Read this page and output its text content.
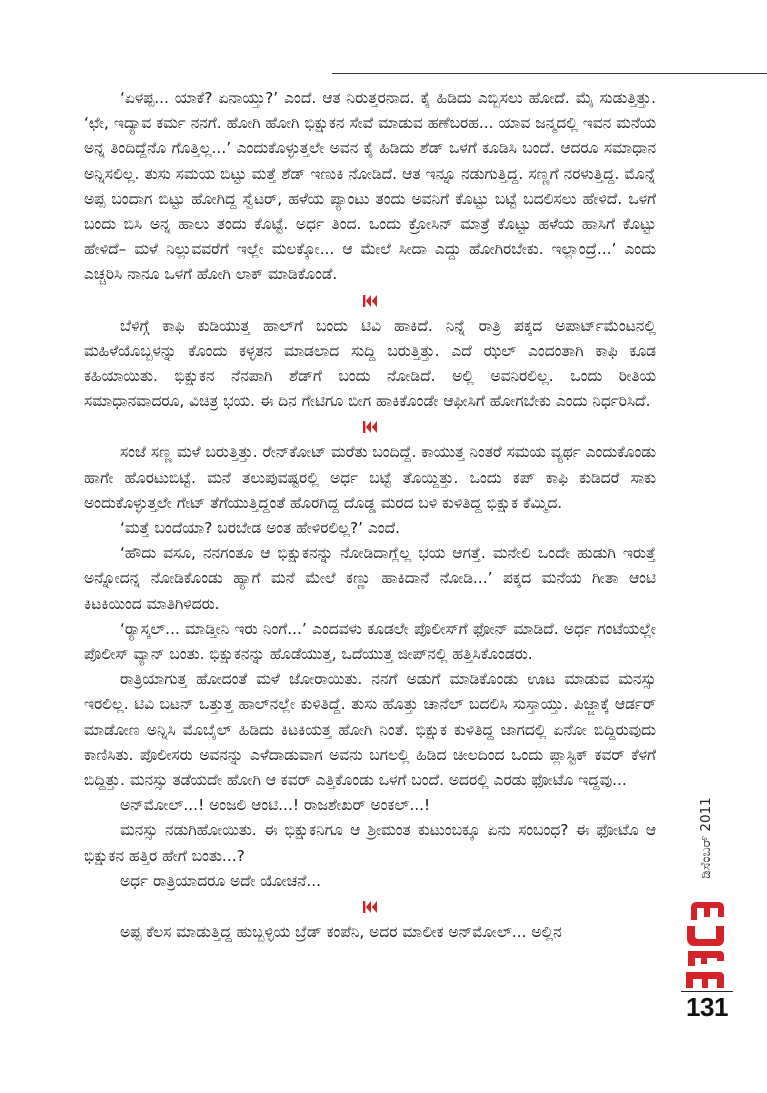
‘ಏಳಪ್ಪ... ಯಾಕೆ? ಏನಾಯ್ತು?’ ಎಂದೆ. ಆತ ನಿರುತ್ತರನಾದ. ಕೈ ಹಿಡಿದು ಎಬ್ಬಿಸಲು ಹೋದೆ. ಮೈ ಸುಡುತ್ತಿತ್ತು. ‘ಛೇ, ಇದ್ಯಾವ ಕರ್ಮ ನನಗೆ. ಹೋಗಿ ಹೋಗಿ ಭಿಕ್ಷುಕನ ಸೇವೆ ಮಾಡುವ ಹಣೆಬರಹ... ಯಾವ ಜನ್ಮದಲ್ಲಿ ಇವನ ಮನೆಯ ಅನ್ನ ತಿಂದಿದ್ದೆನೊ ಗೊತ್ತಿಲ್ಲ...’ ಎಂದುಕೊಳ್ಳುತ್ತಲೇ ಅವನ ಕೈ ಹಿಡಿದು ಶೆಡ್ ಒಳಗೆ ಕೂಡಿಸಿ ಬಂದೆ. ಆದರೂ ಸಮಾಧಾನ ಅನ್ನಿಸಲಿಲ್ಲ. ತುಸು ಸಮಯ ಬಿಟ್ಟು ಮತ್ತೆ ಶೆಡ್ ಇಣುಕಿ ನೋಡಿದೆ. ಆತ ಇನ್ನೂ ನಡುಗುತ್ತಿದ್ದ. ಸಣ್ಣಗೆ ನರಳುತ್ತಿದ್ದ. ಮೊನ್ನೆ ಅಪ್ಪ ಬಂದಾಗ ಬಿಟ್ಟು ಹೋಗಿದ್ದ ಸ್ವೆಟರ್, ಹಳೆಯ ಪ್ಯಾಂಟು ತಂದು ಅವನಿಗೆ ಕೊಟ್ಟು ಬಟ್ಟೆ ಬದಲಿಸಲು ಹೇಳಿದೆ. ಒಳಗೆ ಬಂದು ಬಿಸಿ ಅನ್ನ ಹಾಲು ತಂದು ಕೊಟ್ಟೆ. ಅರ್ಧ ತಿಂದ. ಒಂದು ಕ್ರೋಸಿನ್ ಮಾತ್ರೆ ಕೊಟ್ಟು ಹಳೆಯ ಹಾಸಿಗೆ ಕೊಟ್ಟು ಹೇಳಿದೆ– ಮಳೆ ನಿಲ್ಲುವವರೆಗೆ ಇಲ್ಲೇ ಮಲಕ್ಕೋ... ಆ ಮೇಲೆ ಸೀದಾ ಎದ್ದು ಹೋಗಿರಬೇಕು. ಇಲ್ಲಾಂದ್ರೆ...’ ಎಂದು ಎಚ್ಚರಿಸಿ ನಾನೂ ಒಳಗೆ ಹೋಗಿ ಲಾಕ್ ಮಾಡಿಕೊಂಡೆ.

ಬೆಳಿಗ್ಗೆ ಕಾಫಿ ಕುಡಿಯುತ್ತ ಹಾಲ್‌ಗೆ ಬಂದು ಟಿವಿ ಹಾಕಿದೆ. ನಿನ್ನೆ ರಾತ್ರಿ ಪಕ್ಕದ ಅಪಾರ್ಟ್‌ಮೆಂಟನಲ್ಲಿ ಮಹಿಳೆಯೊಬ್ಬಳನ್ನು ಕೊಂದು ಕಳ್ಳತನ ಮಾಡಲಾದ ಸುದ್ದಿ ಬರುತ್ತಿತ್ತು. ಎದೆ ಝಲ್ ಎಂದಂತಾಗಿ ಕಾಫಿ ಕೂಡ ಕಹಿಯಾಯಿತು. ಭಿಕ್ಷುಕನ ನೆನಪಾಗಿ ಶೆಡ್‌ಗೆ ಬಂದು ನೋಡಿದೆ. ಅಲ್ಲಿ ಅವನಿರಲಿಲ್ಲ. ಒಂದು ರೀತಿಯ ಸಮಾಧಾನವಾದರೂ, ವಿಚಿತ್ರ ಭಯ. ಈ ದಿನ ಗೇಟಿಗೂ ಬೀಗ ಹಾಕಿಕೊಂಡೇ ಆಫೀಸಿಗೆ ಹೋಗಬೇಕು ಎಂದು ನಿರ್ಧರಿಸಿದೆ.

ಸಂಜೆ ಸಣ್ಣ ಮಳೆ ಬರುತ್ತಿತ್ತು. ರೇನ್‌ಕೋಟ್ ಮರೆತು ಬಂದಿದ್ದೆ. ಕಾಯುತ್ತ ನಿಂತರೆ ಸಮಯ ವ್ಯರ್ಥ ಎಂದುಕೊಂಡು ಹಾಗೇ ಹೊರಟುಬಿಟ್ಟೆ. ಮನೆ ತಲುಪುವಷ್ಟರಲ್ಲಿ ಅರ್ಧ ಬಟ್ಟೆ ತೊಯ್ದಿತ್ತು. ಒಂದು ಕಪ್ ಕಾಫಿ ಕುಡಿದರೆ ಸಾಕು ಅಂದುಕೊಳ್ಳುತ್ತಲೇ ಗೇಟ್ ತೆಗೆಯುತ್ತಿದ್ದಂತೆ ಹೊರಗಿದ್ದ ದೊಡ್ಡ ಮರದ ಬಳಿ ಕುಳಿತಿದ್ದ ಭಿಕ್ಷುಕ ಕೆಮ್ಮಿದ.

‘ಮತ್ತೆ ಬಂದೆಯಾ? ಬರಬೇಡ ಅಂತ ಹೇಳಿರಲಿಲ್ಲ?’ ಎಂದೆ.

‘ಹೌದು ವಸೂ, ನನಗಂತೂ ಆ ಭಿಕ್ಷುಕನನ್ನು ನೋಡಿದಾಗ್ಲೆಲ್ಲ ಭಯ ಆಗತ್ತೆ. ಮನೇಲಿ ಒಂದೇ ಹುಡುಗಿ ಇರುತ್ತೆ ಅನ್ನೋದನ್ನ ನೋಡಿಕೊಂಡು ಹ್ಯಾಗೆ ಮನೆ ಮೇಲೆ ಕಣ್ಣು ಹಾಕಿದಾನೆ ನೋಡಿ...’ ಪಕ್ಕದ ಮನೆಯ ಗೀತಾ ಆಂಟಿ ಕಿಟಕಿಯಿಂದ ಮಾತಿಗಿಳಿದರು.

‘ರ್‍ಯಾಸ್ಕಲ್... ಮಾಡ್ತೀನಿ ಇರು ನಿಂಗೆ...’ ಎಂದವಳು ಕೂಡಲೇ ಪೊಲೀಸ್‌ಗೆ ಫೋನ್ ಮಾಡಿದೆ. ಅರ್ಧ ಗಂಟೆಯಲ್ಲೇ ಪೊಲೀಸ್ ವ್ಯಾನ್ ಬಂತು. ಭಿಕ್ಷುಕನನ್ನು ಹೊಡೆಯುತ್ತ, ಒದೆಯುತ್ತ ಜೀಪ್‌ನಲ್ಲಿ ಹತ್ತಿಸಿಕೊಂಡರು.

ರಾತ್ರಿಯಾಗುತ್ತ ಹೋದಂತೆ ಮಳೆ ಜೋರಾಯಿತು. ನನಗೆ ಅಡುಗೆ ಮಾಡಿಕೊಂಡು ಊಟ ಮಾಡುವ ಮನಸ್ಸು ಇರಲಿಲ್ಲ. ಟಿವಿ ಬಟನ್ ಒತ್ತುತ್ತ ಹಾಲ್‌ನಲ್ಲೇ ಕುಳಿತಿದ್ದೆ. ತುಸು ಹೊತ್ತು ಚಾನೆಲ್ ಬದಲಿಸಿ ಸುಸ್ತಾಯ್ತು. ಪಿಜ್ಜಾಕ್ಕೆ ಆರ್ಡರ್ ಮಾಡೋಣ ಅನ್ನಿಸಿ ಮೊಬೈಲ್ ಹಿಡಿದು ಕಿಟಕಿಯತ್ತ ಹೋಗಿ ನಿಂತೆ. ಭಿಕ್ಷುಕ ಕುಳಿತಿದ್ದ ಜಾಗದಲ್ಲಿ ಏನೋ ಬಿದ್ದಿರುವುದು ಕಾಣಿಸಿತು. ಪೊಲೀಸರು ಅವನನ್ನು ಎಳೆದಾಡುವಾಗ ಅವನು ಬಗಲಲ್ಲಿ ಹಿಡಿದ ಚೀಲದಿಂದ ಒಂದು ಪ್ಲಾಸ್ಟಿಕ್ ಕವರ್ ಕೆಳಗೆ ಬಿದ್ದಿತ್ತು. ಮನಸ್ಸು ತಡೆಯದೇ ಹೋಗಿ ಆ ಕವರ್ ಎತ್ತಿಕೊಂಡು ಒಳಗೆ ಬಂದೆ. ಅದರಲ್ಲಿ ಎರಡು ಫೋಟೊ ಇದ್ದವು...

ಅನ್‌ಮೋಲ್...! ಅಂಜಲಿ ಆಂಟಿ...! ರಾಜಶೇಖರ್ ಅಂಕಲ್...!

ಮನಸ್ಸು ನಡುಗಿಹೋಯಿತು. ಈ ಭಿಕ್ಷುಕನಿಗೂ ಆ ಶ್ರೀಮಂತ ಕುಟುಂಬಕ್ಕೂ ಏನು ಸಂಬಂಧ? ಈ ಫೋಟೊ ಆ ಭಿಕ್ಷುಕನ ಹತ್ತಿರ ಹೇಗೆ ಬಂತು...?

ಅರ್ಧ ರಾತ್ರಿಯಾದರೂ ಅದೇ ಯೋಚನೆ...

ಅಪ್ಪ ಕೆಲಸ ಮಾಡುತ್ತಿದ್ದ ಹುಬ್ಬಳ್ಳಿಯ ಬ್ರೆಡ್ ಕಂಪೆನಿ, ಅದರ ಮಾಲೀಕ ಅನ್‌ಮೋಲ್... ಅಲ್ಲಿನ

ಡಿಸೆಂಬರ್ 2011
131
